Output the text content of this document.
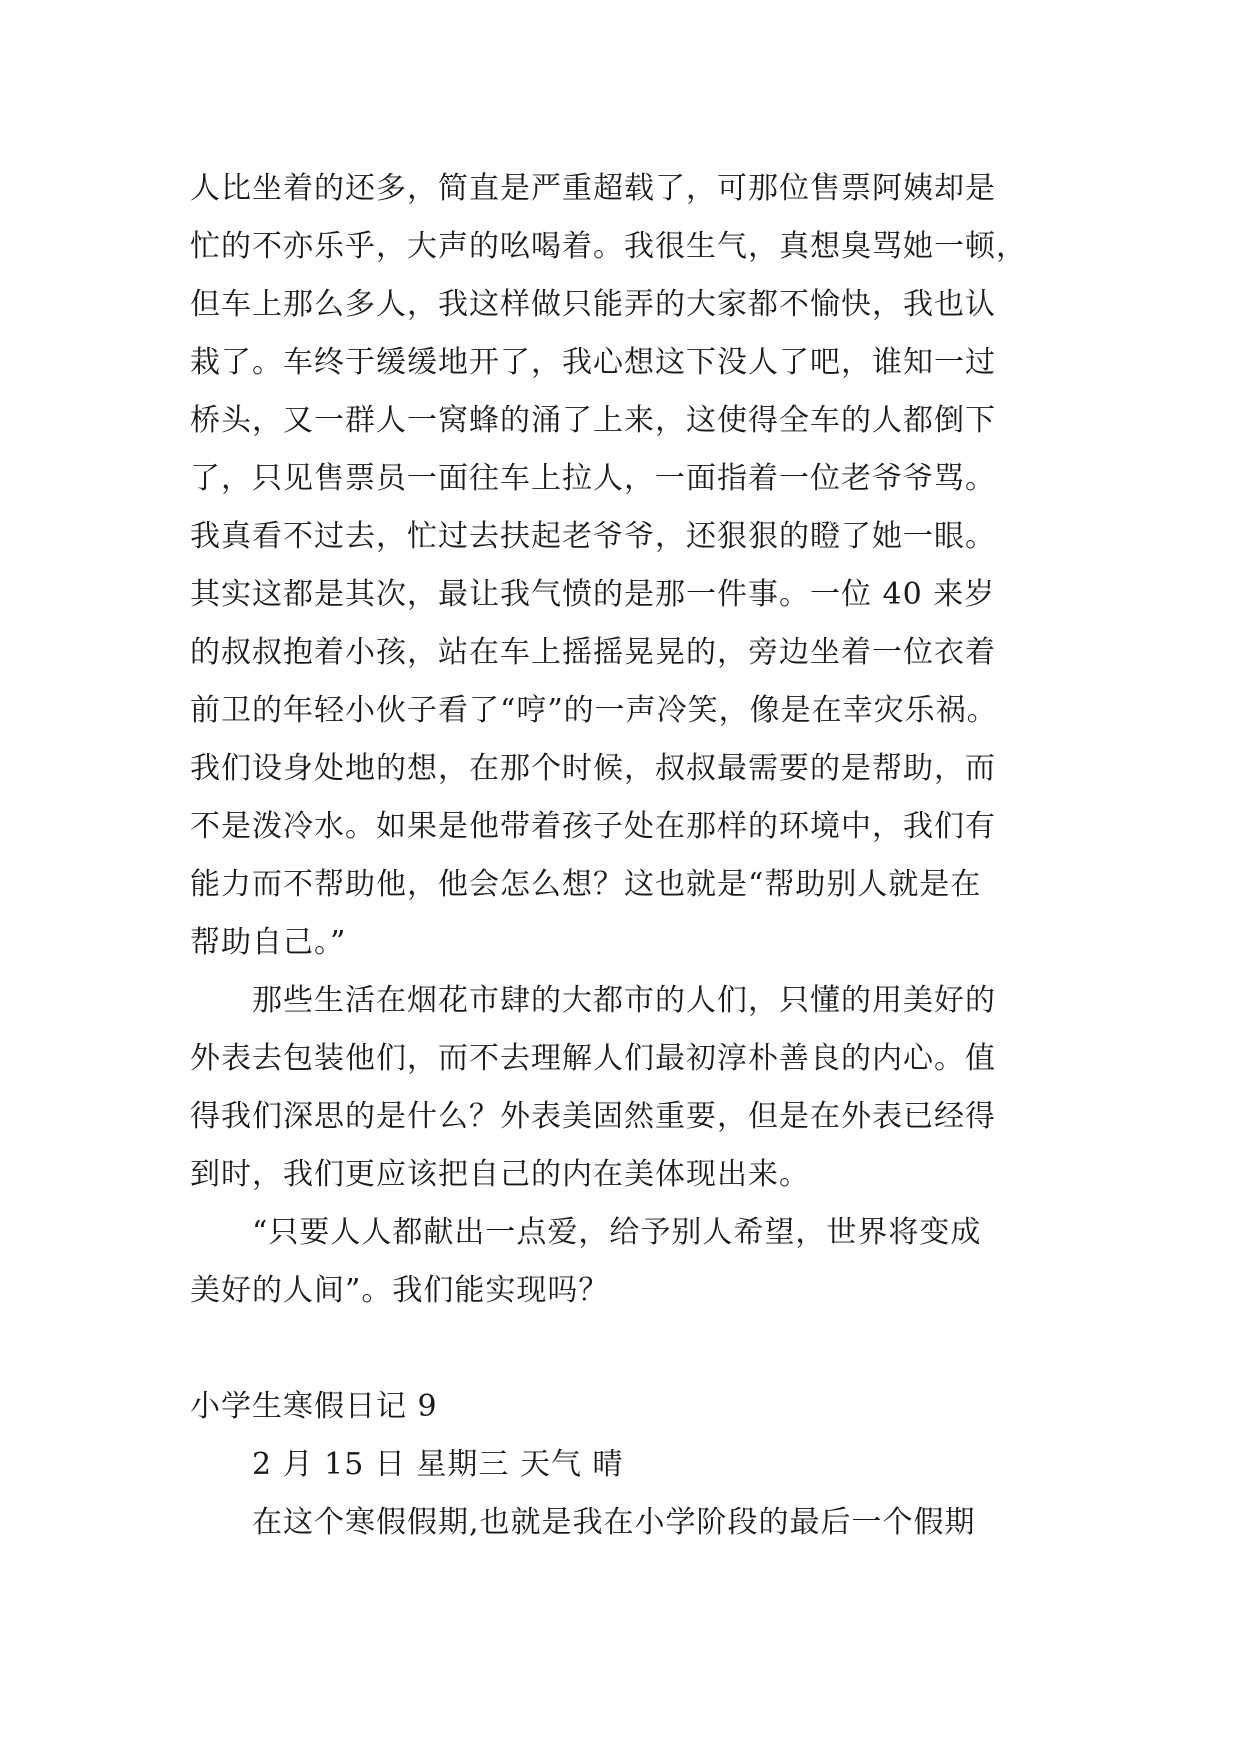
人比坐着的还多，简直是严重超载了，可那位售票阿姨却是
忙的不亦乐乎，大声的吆喝着。我很生气，真想臭骂她一顿，
但车上那么多人，我这样做只能弄的大家都不愉快，我也认
栽了。车终于缓缓地开了，我心想这下没人了吧，谁知一过
桥头，又一群人一窝蜂的涌了上来，这使得全车的人都倒下
了，只见售票员一面往车上拉人，一面指着一位老爷爷骂。
我真看不过去，忙过去扶起老爷爷，还狠狠的瞪了她一眼。
其实这都是其次，最让我气愤的是那一件事。一位 40 来岁
的叔叔抱着小孩，站在车上摇摇晃晃的，旁边坐着一位衣着
前卫的年轻小伙子看了“哼”的一声冷笑，像是在幸灾乐祸。
我们设身处地的想，在那个时候，叔叔最需要的是帮助，而
不是泼冷水。如果是他带着孩子处在那样的环境中，我们有
能力而不帮助他，他会怎么想？这也就是“帮助别人就是在
帮助自己。”
那些生活在烟花市肆的大都市的人们，只懂的用美好的
外表去包装他们，而不去理解人们最初淳朴善良的内心。值
得我们深思的是什么？外表美固然重要，但是在外表已经得
到时，我们更应该把自己的内在美体现出来。
“只要人人都献出一点爱，给予别人希望，世界将变成
美好的人间”。我们能实现吗？
小学生寒假日记 9
2 月 15 日 星期三 天气 晴
在这个寒假假期,也就是我在小学阶段的最后一个假期
